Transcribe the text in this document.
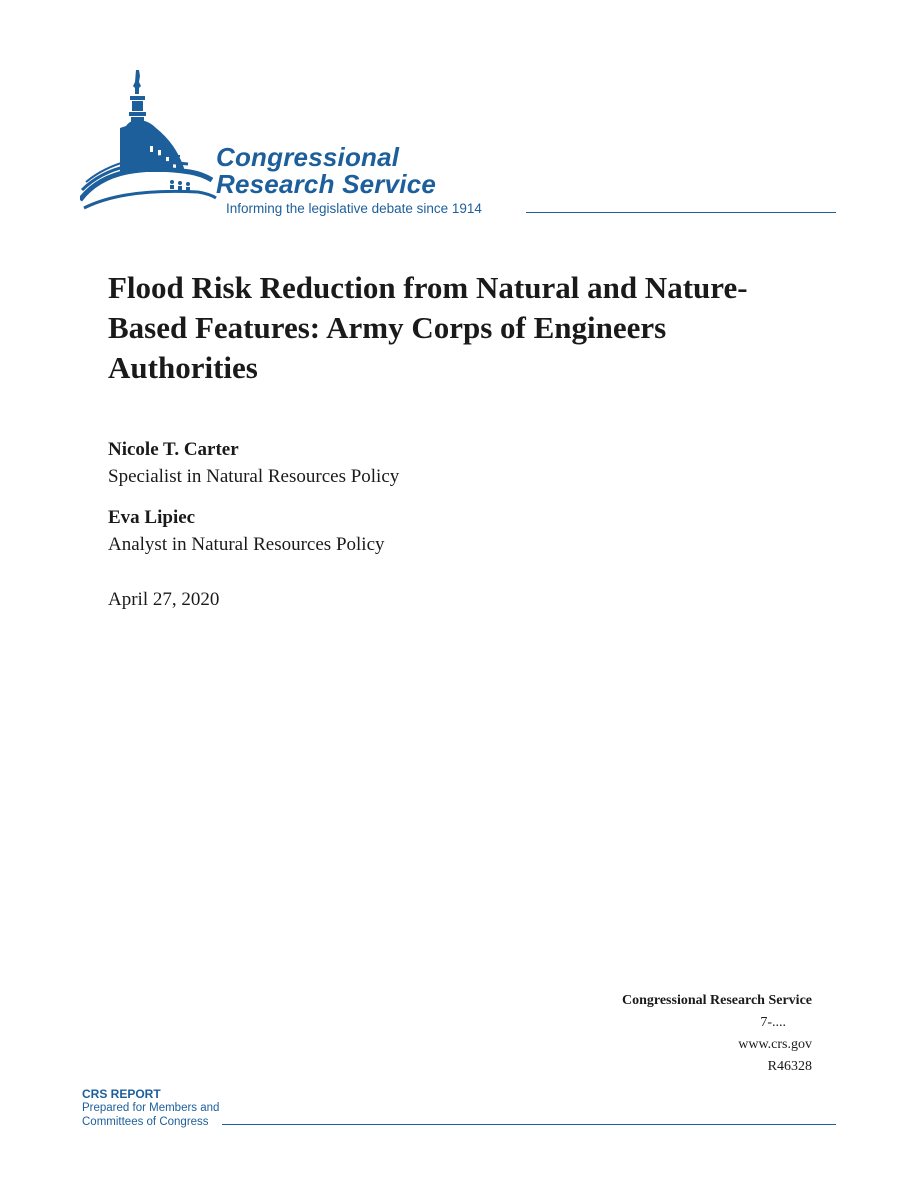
Congressional
Research Service
Informing the legislative debate since 1914
Flood Risk Reduction from Natural and Nature-Based Features: Army Corps of Engineers Authorities
Nicole T. Carter
Specialist in Natural Resources Policy
Eva Lipiec
Analyst in Natural Resources Policy
April 27, 2020
Congressional Research Service
7-....
www.crs.gov
R46328
CRS REPORT
Prepared for Members and
Committees of Congress
